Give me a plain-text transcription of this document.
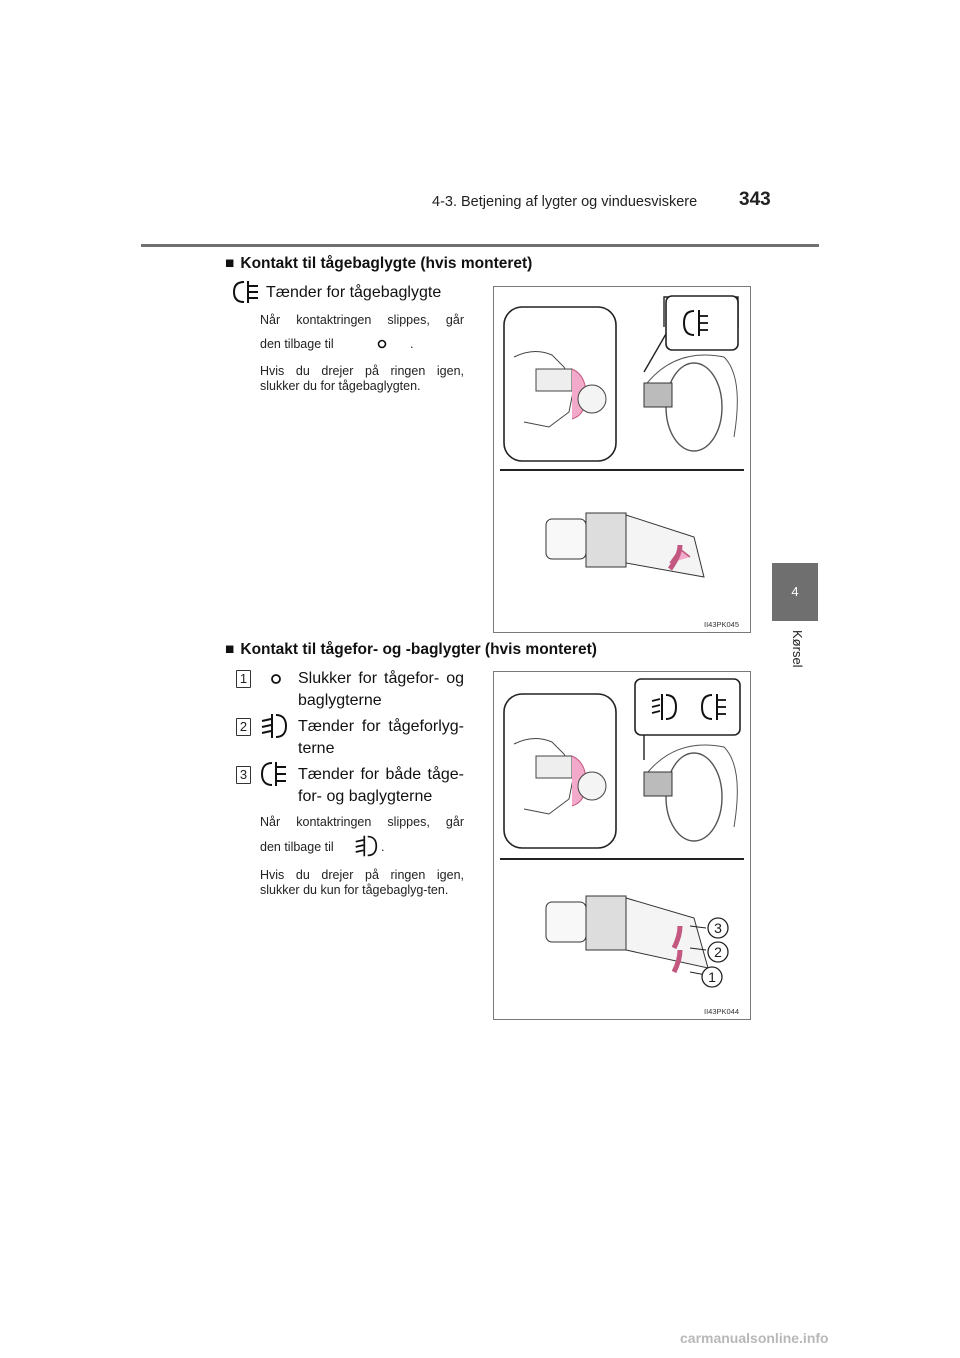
4-3. Betjening af lygter og vinduesviskere 343
4
Kørsel
■ Kontakt til tågebaglygte (hvis monteret)
Tænder for tågebaglygte
Når kontaktringen slippes, går
den tilbage til	.
Hvis du drejer på ringen igen, slukker du for tågebaglygten.
II43PK045
■ Kontakt til tågefor- og -baglygter (hvis monteret)
1	Slukker for tågefor- og
baglygterne
2	Tænder for tågeforlyg-
terne
3	Tænder for både tåge-
for- og baglygterne
Når kontaktringen slippes, går
den tilbage til	.
Hvis du drejer på ringen igen, slukker du kun for tågebaglyg-ten.
3
2
1
II43PK044
carmanualsonline.info
